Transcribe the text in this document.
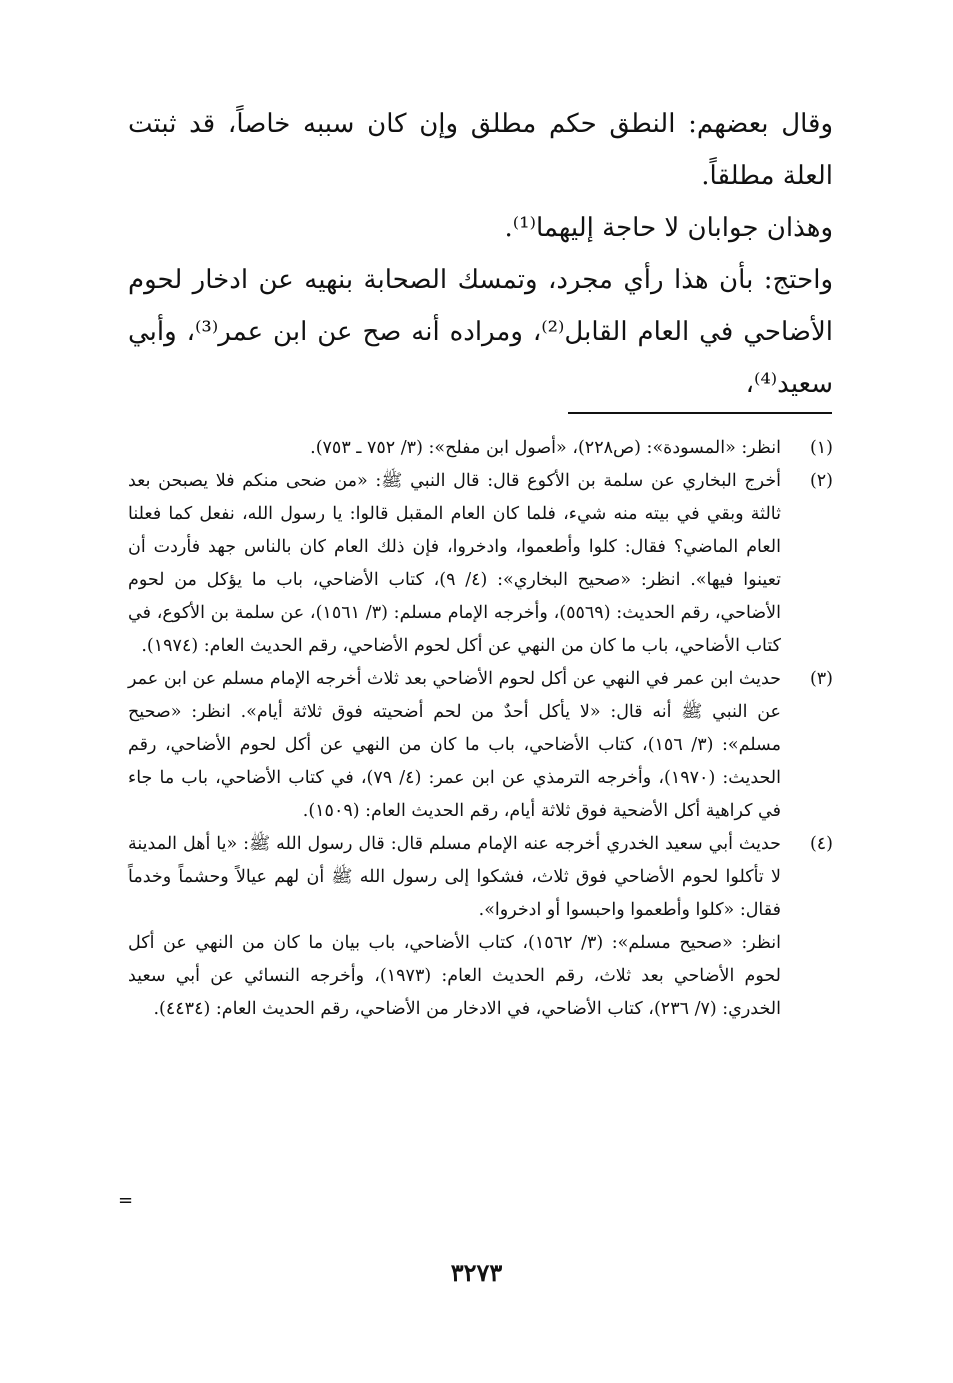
وقال بعضهم: النطق حكم مطلق وإن كان سببه خاصاً، قد ثبتت العلة مطلقاً.

وهذان جوابان لا حاجة إليهما⁽¹⁾.

واحتج: بأن هذا رأي مجرد، وتمسك الصحابة بنهيه عن ادخار لحوم الأضاحي في العام القابل⁽²⁾، ومراده أنه صح عن ابن عمر⁽³⁾، وأبي سعيد⁽⁴⁾،

(١)
انظر: «المسودة»: (ص٢٢٨)، «أصول ابن مفلح»: (٣/ ٧٥٢ ـ ٧٥٣).
(٢)
أخرج البخاري عن سلمة بن الأكوع قال: قال النبي ﷺ: «من ضحى منكم فلا يصبحن بعد ثالثة وبقي في بيته منه شيء، فلما كان العام المقبل قالوا: يا رسول الله، نفعل كما فعلنا العام الماضي؟ فقال: كلوا وأطعموا، وادخروا، فإن ذلك العام كان بالناس جهد فأردت أن تعينوا فيها». انظر: «صحيح البخاري»: (٤/ ٩)، كتاب الأضاحي، باب ما يؤكل من لحوم الأضاحي، رقم الحديث: (٥٥٦٩)، وأخرجه الإمام مسلم: (٣/ ١٥٦١)، عن سلمة بن الأكوع، في كتاب الأضاحي، باب ما كان من النهي عن أكل لحوم الأضاحي، رقم الحديث العام: (١٩٧٤).
(٣)
حديث ابن عمر في النهي عن أكل لحوم الأضاحي بعد ثلاث أخرجه الإمام مسلم عن ابن عمر عن النبي ﷺ أنه قال: «لا يأكل أحدٌ من لحم أضحيته فوق ثلاثة أيام». انظر: «صحيح مسلم»: (٣/ ١٥٦)، كتاب الأضاحي، باب ما كان من النهي عن أكل لحوم الأضاحي، رقم الحديث: (١٩٧٠)، وأخرجه الترمذي عن ابن عمر: (٤/ ٧٩)، في كتاب الأضاحي، باب ما جاء في كراهية أكل الأضحية فوق ثلاثة أيام، رقم الحديث العام: (١٥٠٩).
(٤)
حديث أبي سعيد الخدري أخرجه عنه الإمام مسلم قال: قال رسول الله ﷺ: «يا أهل المدينة لا تأكلوا لحوم الأضاحي فوق ثلاث، فشكوا إلى رسول الله ﷺ أن لهم عيالاً وحشماً وخدماً فقال: «كلوا وأطعموا واحبسوا أو ادخروا».
انظر: «صحيح مسلم»: (٣/ ١٥٦٢)، كتاب الأضاحي، باب بيان ما كان من النهي عن أكل لحوم الأضاحي بعد ثلاث، رقم الحديث العام: (١٩٧٣)، وأخرجه النسائي عن أبي سعيد الخدري: (٧/ ٢٣٦)، كتاب الأضاحي، في الادخار من الأضاحي، رقم الحديث العام: (٤٤٣٤).
=
٣٢٧٣
